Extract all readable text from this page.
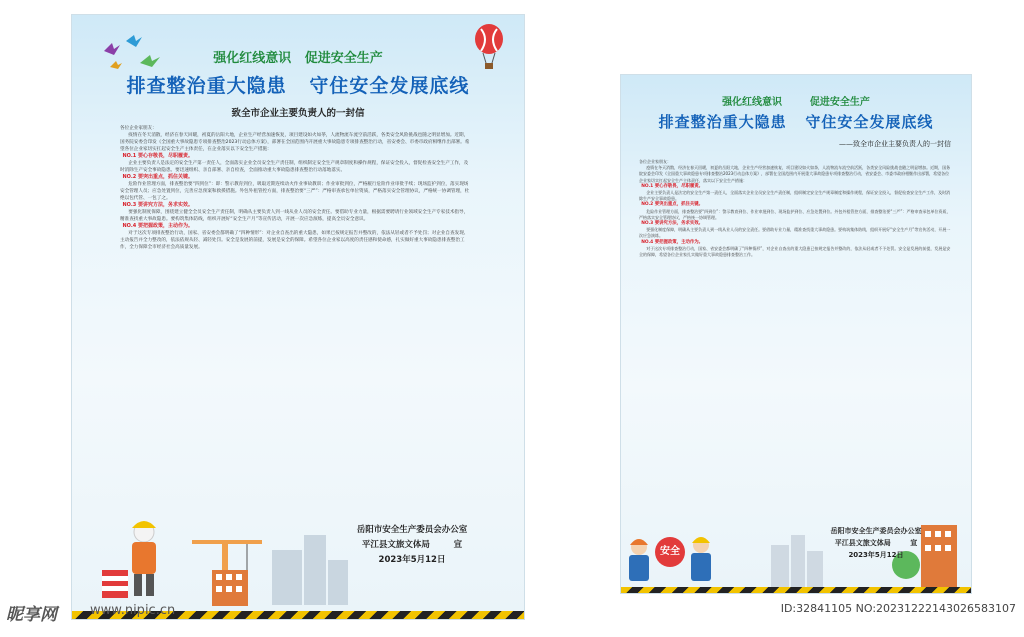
强化红线意识   促进安全生产
排查整治重大隐患   守住安全发展底线
致全市企业主要负责人的一封信

各位企业家朋友：

疫情在冬天消散，经济在春天回暖，初夏的岳阳大地，企业生产经营加速恢复，项目建设如火如荼，人流物流车流空前活跃，各类安全风险挑战也随之明显增加。近期，国务院安委会印发《全国重大事故隐患专项排查整治2023行动总体方案》，部署在全国范围内开展重大事故隐患专项排查整治行动，省安委会、市委市政府相继作出部署。希望各位企业家切实扛起安全生产主体责任，在企业落实以下安全生产措施：

NO.1 要心存敬畏，尽职履责。

企业主要负责人是法定的安全生产第一责任人，全面落实企业全员安全生产责任制，组织制定安全生产规章制度和操作规程，保证安全投入，督促检查安全生产工作，及时消除生产安全事故隐患。要迅速组织、亲自部署、亲自检查，全面推动重大事故隐患排查整治行动落地落实。

NO.2 要突出重点，抓住关键。

危险作业管理方面，排查整治要“四到位”：即：警示教育到位，吸取近期连续动火作业事故教训；作业审批到位，严格履行危险作业审批手续；现场监护到位，落实现场安全管理人员；应急处置到位，完善应急预案和救援措施。外包外租管控方面，排查整治要“三严”：严格审查承包单位资质，严格落实安全管理协议，严格统一协调管理，杜绝以包代管、一包了之。

NO.3 要讲究方法，务求实效。

要强化制度保障，围绕建立健全全员安全生产责任制，明确从主要负责人到一线从业人员的安全责任。要借助专业力量，根据需要聘请行业领域安全生产专家技术指导，精准查找重大事故隐患。要构筑集体防线，组织开展好“安全生产月”等宣传活动，开展一次应急演练，提高全员安全意识。

NO.4 要把握政策，主动作为。

对于这次专项排查整治行动，国家、省安委会都明确了“四种情形”：对企业自查出的重大隐患，如果已按规定报告并整改的，依法从轻或者不予处罚；对企业自查发现、主动报告并全力整改的，依法依规从轻、减轻处罚。安全是发展的前提，发展是安全的保障。希望各位企业家以高度的责任感和使命感，扎实做好重大事故隐患排查整治工作，全力保障全市经济社会高质量发展。

岳阳市安全生产委员会办公室
平江县文旅文体局        宣
2023年5月12日
强化红线意识        促进安全生产
排查整治重大隐患   守住安全发展底线
——致全市企业主要负责人的一封信

各位企业家朋友：

疫情在冬天消散，经济在春天回暖，初夏的岳阳大地，企业生产经营加速恢复，项目建设如火如荼，人流物流车流空前活跃，各类安全风险挑战也随之明显增加。近期，国务院安委会印发《全国重大事故隐患专项排查整治2023行动总体方案》，部署在全国范围内开展重大事故隐患专项排查整治行动，省安委会、市委市政府相继作出部署，希望各位企业家切实扛起安全生产主体责任，落实以下安全生产措施：

NO.1 要心存敬畏，尽职履责。

企业主要负责人是法定的安全生产第一责任人，全面落实企业全员安全生产责任制，组织制定安全生产规章制度和操作规程，保证安全投入，督促检查安全生产工作，及时消除生产安全事故隐患。

NO.2 要突出重点，抓住关键。

危险作业管理方面，排查整治要“四到位”：警示教育到位、作业审批到位、现场监护到位、应急处置到位。外包外租管控方面，排查整治要“三严”：严格审查承包单位资质，严格落实安全管理协议，严格统一协调管理。

NO.3 要讲究方法，务求实效。

要强化制度保障，明确从主要负责人到一线从业人员的安全责任。要借助专业力量，精准查找重大事故隐患。要构筑集体防线，组织开展好“安全生产月”等宣传活动，开展一次应急演练。

NO.4 要把握政策，主动作为。

对于这次专项排查整治行动，国家、省安委会都明确了“四种情形”，对企业自查出的重大隐患已按规定报告并整改的，依法从轻或者不予处罚。安全是发展的前提，发展是安全的保障，希望各位企业家扎实做好重大事故隐患排查整治工作。

安全
岳阳市安全生产委员会办公室
平江县文旅文体局        宣
2023年5月12日
昵享网	www.nipic.cn	ID:32841105 NO:20231222143026583107
